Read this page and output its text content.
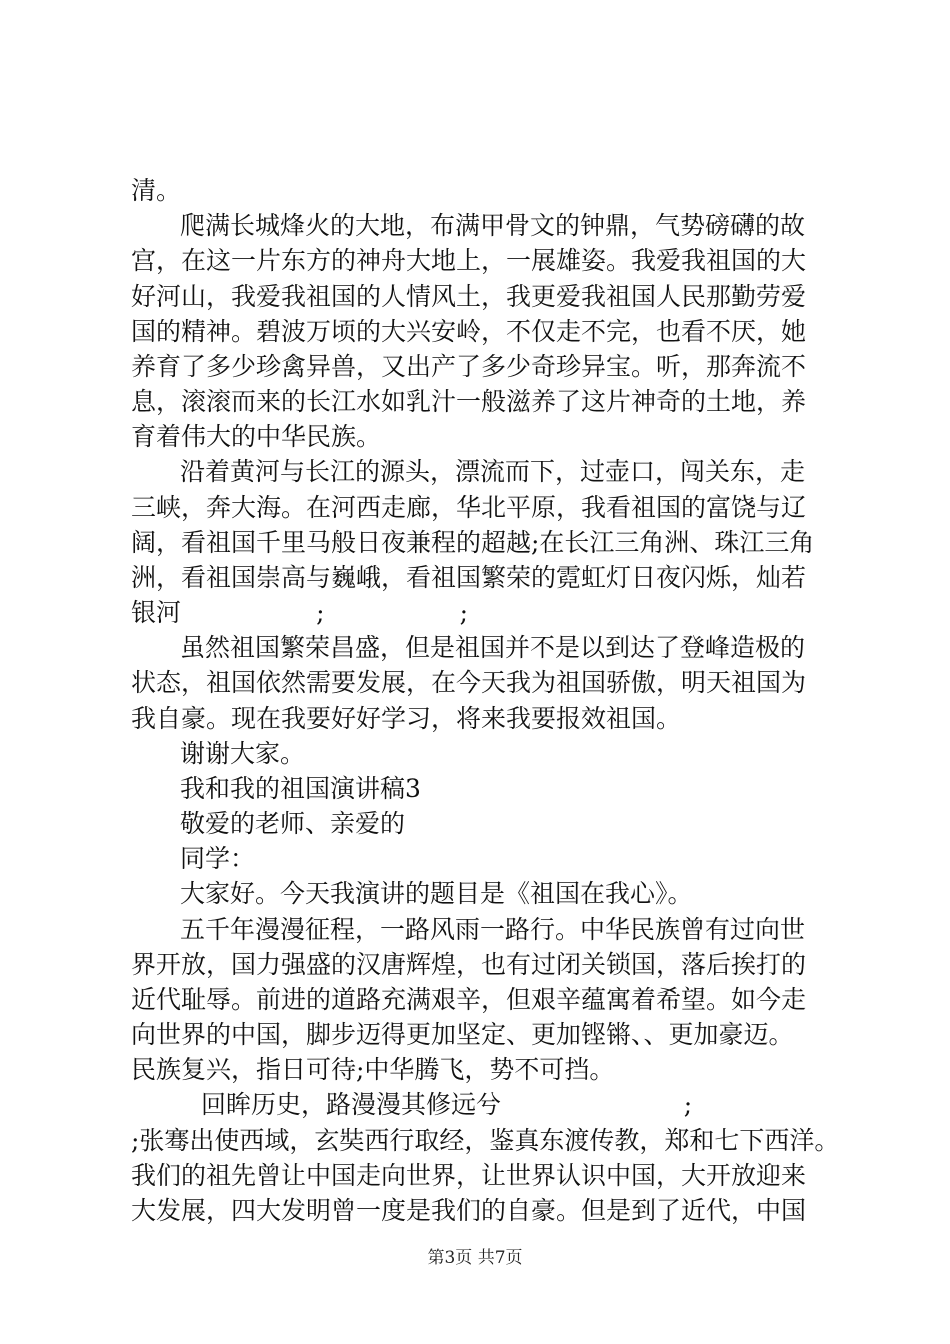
清。
爬满长城烽火的大地，布满甲骨文的钟鼎，气势磅礴的故
宫，在这一片东方的神舟大地上，一展雄姿。我爱我祖国的大
好河山，我爱我祖国的人情风土，我更爱我祖国人民那勤劳爱
国的精神。碧波万顷的大兴安岭，不仅走不完，也看不厌，她
养育了多少珍禽异兽，又出产了多少奇珍异宝。听，那奔流不
息，滚滚而来的长江水如乳汁一般滋养了这片神奇的土地，养
育着伟大的中华民族。
沿着黄河与长江的源头，漂流而下，过壶口，闯关东，走
三峡，奔大海。在河西走廊，华北平原，我看祖国的富饶与辽
阔，看祖国千里马般日夜兼程的超越;在长江三角洲、珠江三角
洲，看祖国崇高与巍峨，看祖国繁荣的霓虹灯日夜闪烁，灿若
银河                 ;                 ;
虽然祖国繁荣昌盛，但是祖国并不是以到达了登峰造极的
状态，祖国依然需要发展，在今天我为祖国骄傲，明天祖国为
我自豪。现在我要好好学习，将来我要报效祖国。
谢谢大家。
我和我的祖国演讲稿3
敬爱的老师、亲爱的
同学：
大家好。今天我演讲的题目是《祖国在我心》。
五千年漫漫征程，一路风雨一路行。中华民族曾有过向世
界开放，国力强盛的汉唐辉煌，也有过闭关锁国，落后挨打的
近代耻辱。前进的道路充满艰辛，但艰辛蕴寓着希望。如今走
向世界的中国，脚步迈得更加坚定、更加铿锵、、更加豪迈。
民族复兴，指日可待;中华腾飞，势不可挡。
回眸历史，路漫漫其修远兮                       ;
;张骞出使西域，玄奘西行取经，鉴真东渡传教，郑和七下西洋。
我们的祖先曾让中国走向世界，让世界认识中国，大开放迎来
大发展，四大发明曾一度是我们的自豪。但是到了近代，中国
第3页 共7页
